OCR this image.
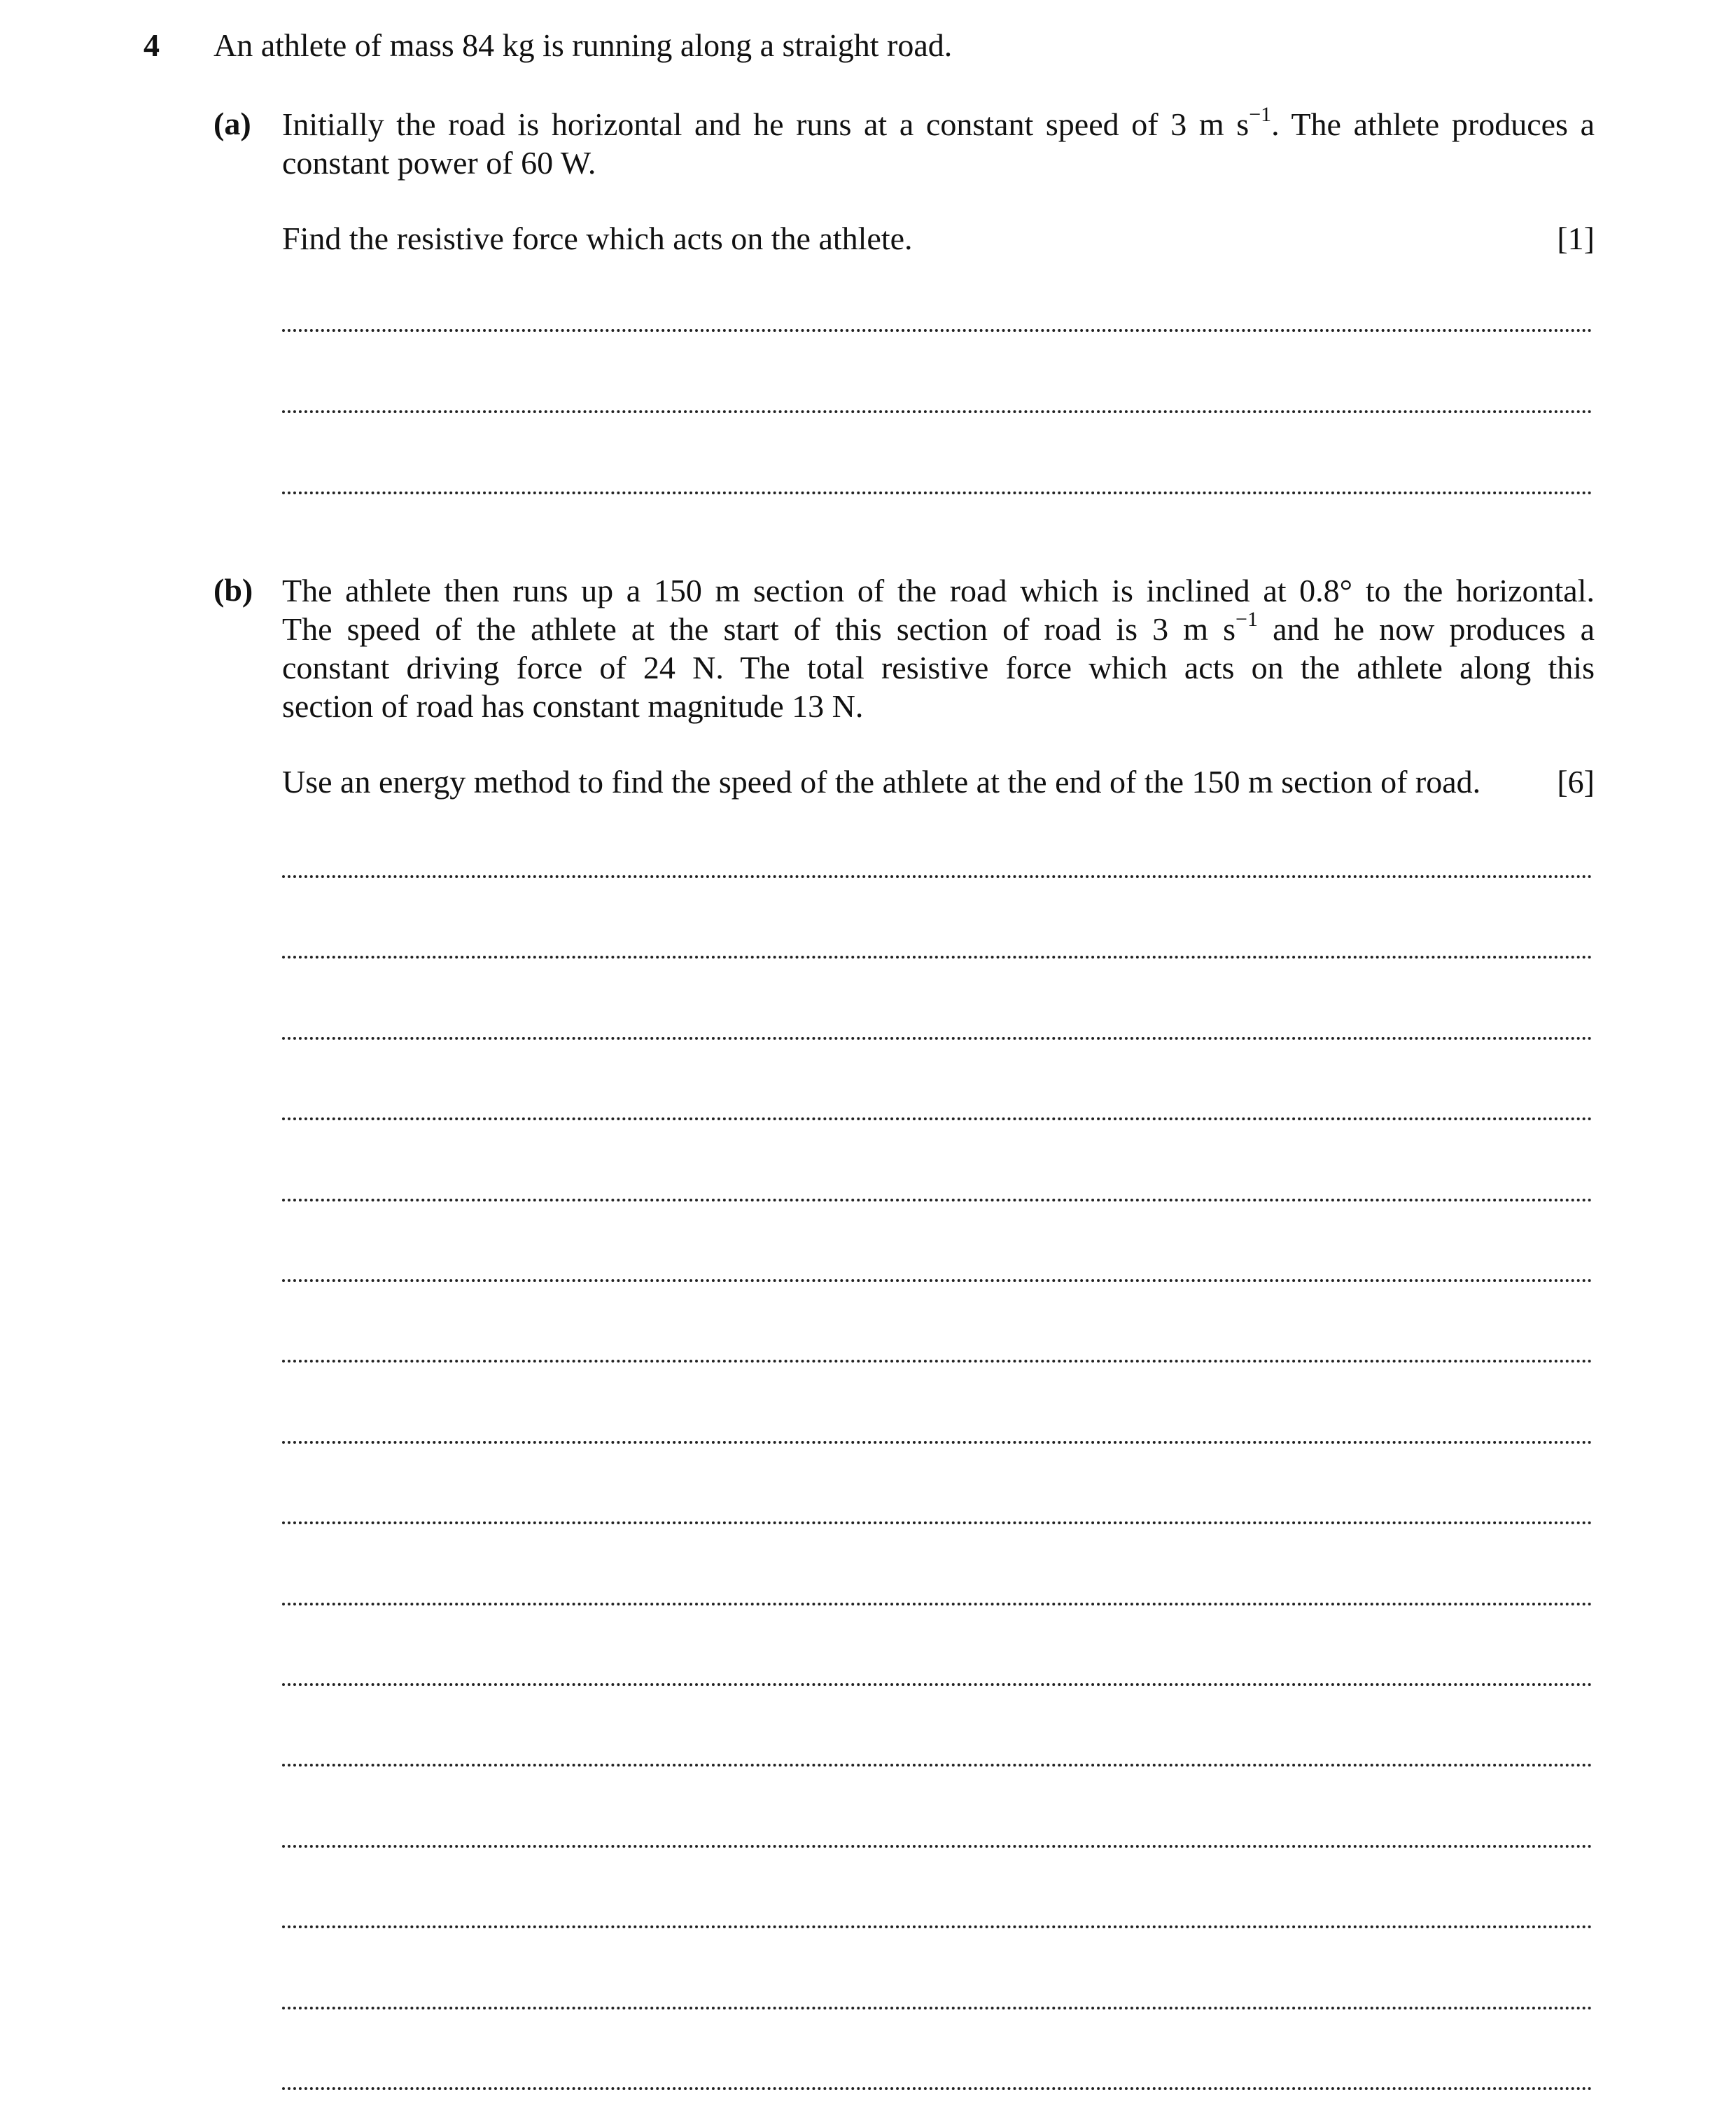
4 An athlete of mass 84 kg is running along a straight road.
(a) Initially the road is horizontal and he runs at a constant speed of 3 m $s^{-1}$. The athlete produces a
constant power of 60 W.
Find the resistive force which acts on the athlete.	[1]
(b) The athlete then runs up a 150 m section of the road which is inclined at 0.8° to the horizontal.
The speed of the athlete at the start of this section of road is 3 m $s^{-1}$ and he now produces a
constant driving force of 24 N. The total resistive force which acts on the athlete along this
section of road has constant magnitude 13 N.
Use an energy method to find the speed of the athlete at the end of the 150 m section of road.	[6]
